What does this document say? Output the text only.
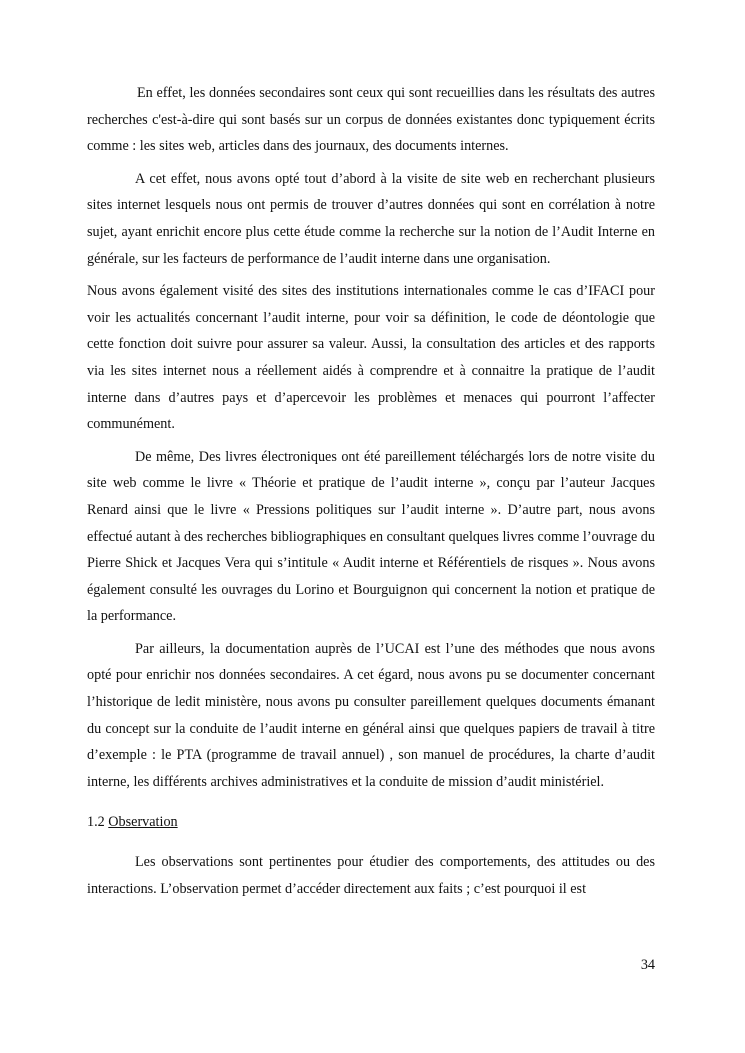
En effet, les données secondaires sont ceux qui sont recueillies dans les résultats des autres recherches c'est-à-dire qui sont basés sur un corpus de données existantes donc typiquement écrits comme : les sites web, articles dans des journaux, des documents internes.

A cet effet, nous avons opté tout d’abord à la visite de site web en recherchant plusieurs sites internet lesquels nous ont permis de trouver d’autres données qui sont en corrélation à notre sujet, ayant enrichit encore plus cette étude comme la recherche sur la notion de l’Audit Interne en générale, sur les facteurs de performance de l’audit interne dans une organisation.

Nous avons également visité des sites des institutions internationales comme le cas d’IFACI pour voir les actualités concernant l’audit interne, pour voir sa définition, le code de déontologie que cette fonction doit suivre pour assurer sa valeur. Aussi, la consultation des articles et des rapports via les sites internet nous a réellement aidés à comprendre et à connaitre la pratique de l’audit interne dans d’autres pays et d’apercevoir les problèmes et menaces qui pourront l’affecter communément.

De même, Des livres électroniques ont été pareillement téléchargés lors de notre visite du site web comme le livre « Théorie et pratique de l’audit interne », conçu par l’auteur Jacques Renard ainsi que le livre « Pressions politiques sur l’audit interne ». D’autre part, nous avons effectué autant à des recherches bibliographiques en consultant quelques livres comme l’ouvrage du Pierre Shick et Jacques Vera qui s’intitule « Audit interne et Référentiels de risques ». Nous avons également consulté les ouvrages du Lorino et Bourguignon qui concernent la notion et pratique de la performance.

Par ailleurs, la documentation auprès de l’UCAI est l’une des méthodes que nous avons opté pour enrichir nos données secondaires. A cet égard, nous avons pu se documenter concernant l’historique de ledit ministère, nous avons pu consulter pareillement quelques documents émanant du concept sur la conduite de l’audit interne en général ainsi que quelques papiers de travail à titre d’exemple : le PTA (programme de travail annuel) , son manuel de procédures, la charte d’audit interne, les différents archives administratives et la conduite de mission d’audit ministériel.

1.2 Observation

Les observations sont pertinentes pour étudier des comportements, des attitudes ou des interactions. L’observation permet d’accéder directement aux faits ; c’est pourquoi il est

34
